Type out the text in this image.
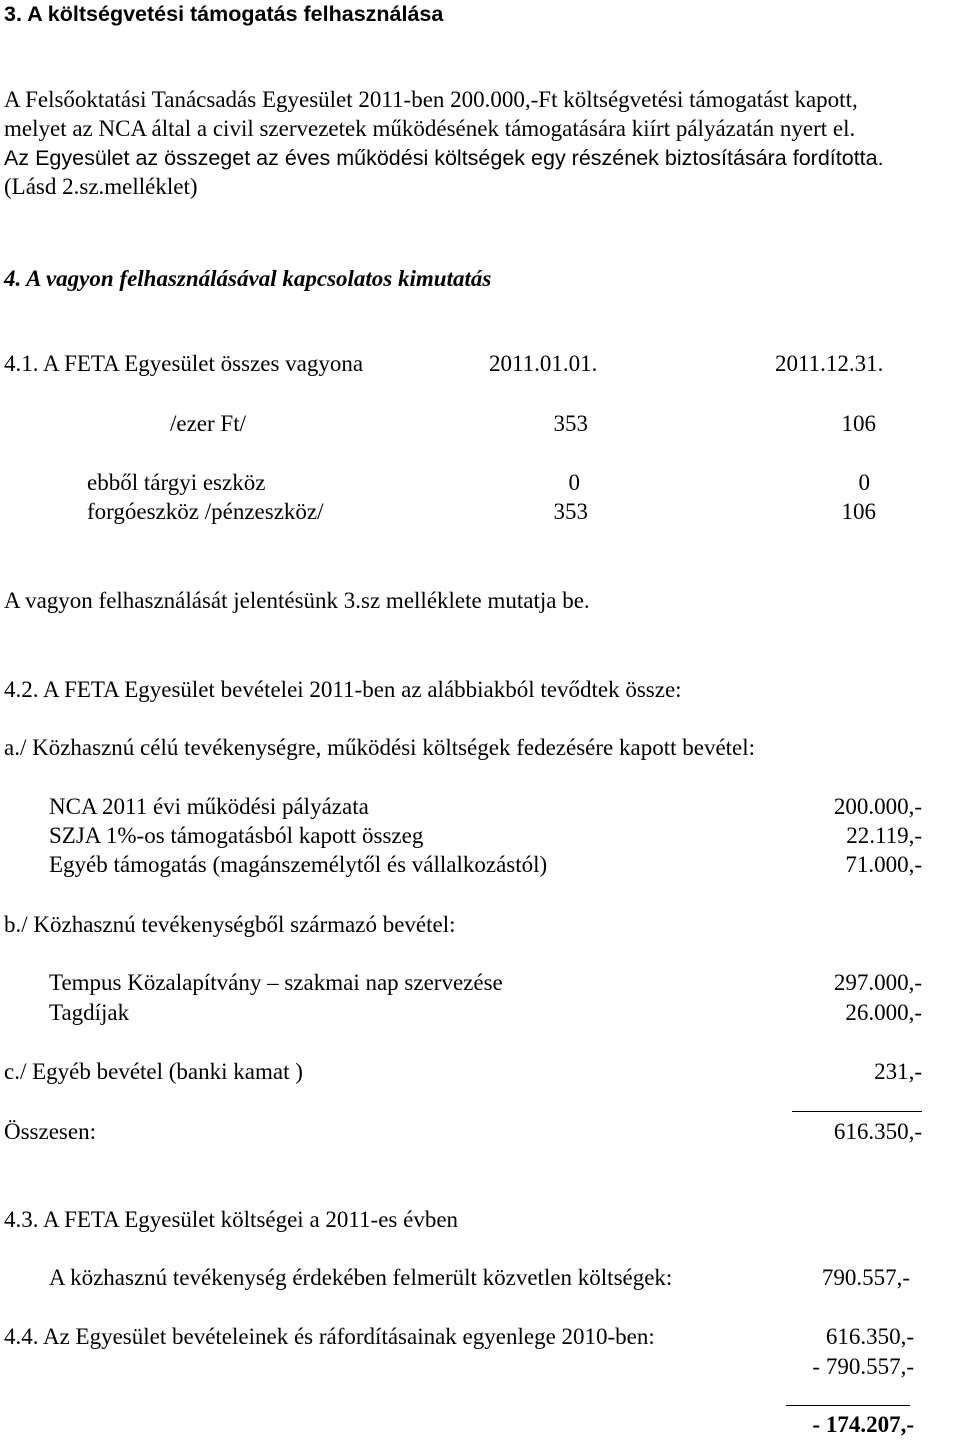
3. A költségvetési támogatás felhasználása
A Felsőoktatási Tanácsadás Egyesület 2011-ben 200.000,-Ft költségvetési támogatást kapott,
melyet az NCA által a civil szervezetek működésének támogatására kiírt pályázatán nyert el.
Az Egyesület az összeget az éves működési költségek egy részének biztosítására fordította.
(Lásd 2.sz.melléklet)
4. A vagyon felhasználásával kapcsolatos kimutatás
4.1. A FETA Egyesület összes vagyona	2011.01.01.	2011.12.31.
/ezer Ft/	353	106
ebből tárgyi eszköz	0	0
forgóeszköz /pénzeszköz/	353	106
A vagyon felhasználását jelentésünk 3.sz melléklete mutatja be.
4.2. A FETA Egyesület bevételei 2011-ben az alábbiakból tevődtek össze:
a./ Közhasznú célú tevékenységre, működési költségek fedezésére kapott bevétel:
NCA 2011 évi működési pályázata	200.000,-
SZJA 1%-os támogatásból kapott összeg	22.119,-
Egyéb támogatás (magánszemélytől és vállalkozástól)	71.000,-
b./ Közhasznú tevékenységből származó bevétel:
Tempus Közalapítvány – szakmai nap szervezése	297.000,-
Tagdíjak	26.000,-
c./ Egyéb bevétel (banki kamat )	231,-
Összesen:	616.350,-
4.3. A FETA Egyesület költségei a 2011-es évben
A közhasznú tevékenység érdekében felmerült közvetlen költségek:	790.557,-
4.4. Az Egyesület bevételeinek és ráfordításainak egyenlege 2010-ben:	616.350,-
- 790.557,-
- 174.207,-
